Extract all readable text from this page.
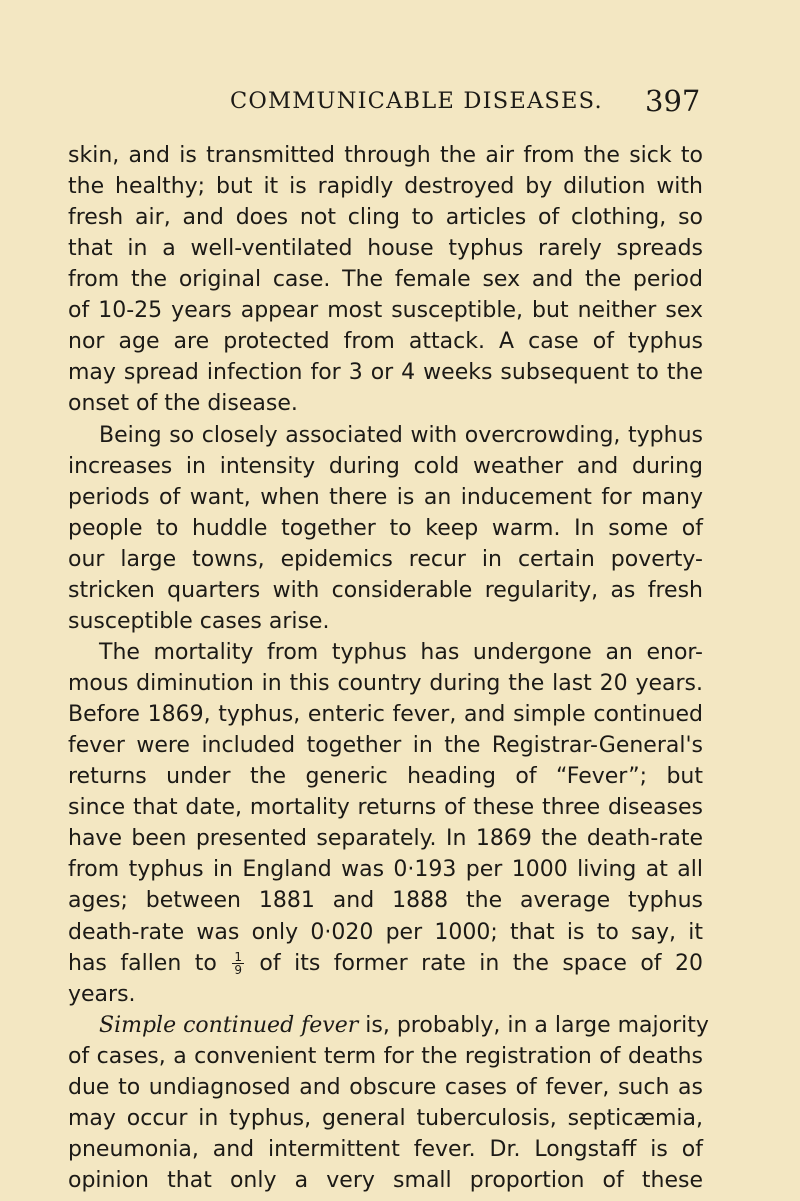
COMMUNICABLE DISEASES. 397
skin, and is transmitted through the air from the sick to
the healthy; but it is rapidly destroyed by dilution with
fresh air, and does not cling to articles of clothing, so
that in a well-ventilated house typhus rarely spreads
from the original case. The female sex and the period
of 10-25 years appear most susceptible, but neither sex
nor age are protected from attack. A case of typhus
may spread infection for 3 or 4 weeks subsequent to the
onset of the disease.
Being so closely associated with overcrowding, typhus
increases in intensity during cold weather and during
periods of want, when there is an inducement for many
people to huddle together to keep warm. In some of
our large towns, epidemics recur in certain poverty-
stricken quarters with considerable regularity, as fresh
susceptible cases arise.
The mortality from typhus has undergone an enor-
mous diminution in this country during the last 20 years.
Before 1869, typhus, enteric fever, and simple continued
fever were included together in the Registrar-General's
returns under the generic heading of “Fever”; but
since that date, mortality returns of these three diseases
have been presented separately. In 1869 the death-rate
from typhus in England was 0·193 per 1000 living at all
ages; between 1881 and 1888 the average typhus
death-rate was only 0·020 per 1000; that is to say, it
has fallen to $\frac{1}{9}$ of its former rate in the space of 20
years.
Simple continued fever is, probably, in a large majority
of cases, a convenient term for the registration of deaths
due to undiagnosed and obscure cases of fever, such as
may occur in typhus, general tuberculosis, septicæmia,
pneumonia, and intermittent fever. Dr. Longstaff is of
opinion that only a very small proportion of these
